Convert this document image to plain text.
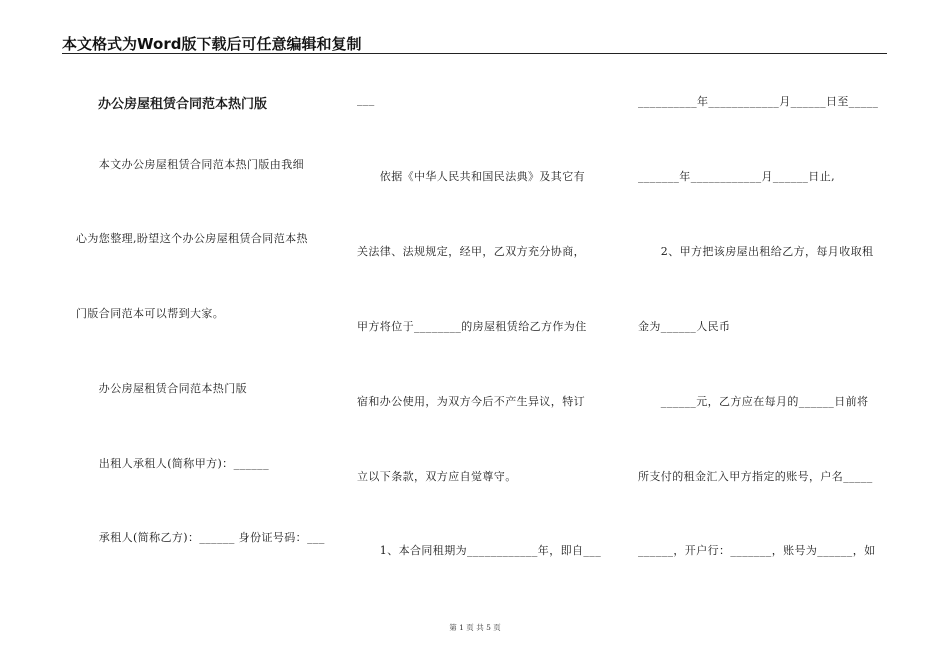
本文格式为Word版下载后可任意编辑和复制
办公房屋租赁合同范本热门版
　　本文办公房屋租赁合同范本热门版由我细
心为您整理,盼望这个办公房屋租赁合同范本热
门版合同范本可以帮到大家。
　　办公房屋租赁合同范本热门版
　　出租人承租人(简称甲方)：______
　　承租人(简称乙方)：______ 身份证号码：___
___
　　依据《中华人民共和国民法典》及其它有
关法律、法规规定，经甲，乙双方充分协商，
甲方将位于________的房屋租赁给乙方作为住
宿和办公使用，为双方今后不产生异议，特订
立以下条款，双方应自觉尊守。
　　1、本合同租期为____________年，即自___
__________年____________月______日至_____
_______年____________月______日止,
　　2、甲方把该房屋出租给乙方，每月收取租
金为______人民币
　　______元，乙方应在每月的______日前将
所支付的租金汇入甲方指定的账号，户名_____
______，开户行：_______，账号为______，如
第 1 页 共 5 页
